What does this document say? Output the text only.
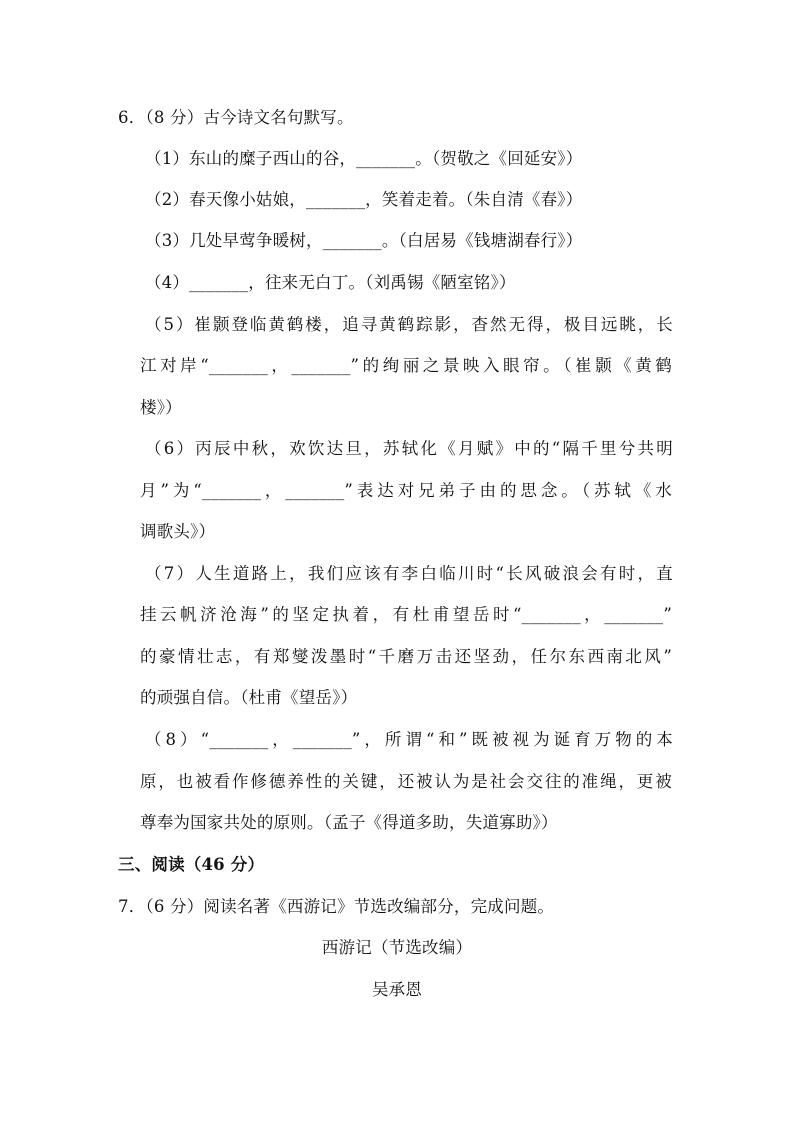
6．（8 分）古今诗文名句默写。
（1）东山的糜子西山的谷，_______。（贺敬之《回延安》）
（2）春天像小姑娘，_______，笑着走着。（朱自清《春》）
（3）几处早莺争暖树，_______。（白居易《钱塘湖春行》）
（4）_______，往来无白丁。（刘禹锡《陋室铭》）
（5）崔颢登临黄鹤楼，追寻黄鹤踪影，杳然无得，极目远眺，长
江对岸“_______，_______”的绚丽之景映入眼帘。（崔颢《黄鹤
楼》）
（6）丙辰中秋，欢饮达旦，苏轼化《月赋》中的“隔千里兮共明
月”为“_______，_______”表达对兄弟子由的思念。（苏轼《水
调歌头》）
（7）人生道路上，我们应该有李白临川时“长风破浪会有时，直
挂云帆济沧海”的坚定执着，有杜甫望岳时“_______，_______”
的豪情壮志，有郑燮泼墨时“千磨万击还坚劲，任尔东西南北风”
的顽强自信。（杜甫《望岳》）
（8）“_______，_______”，所谓“和”既被视为诞育万物的本
原，也被看作修德养性的关键，还被认为是社会交往的准绳，更被
尊奉为国家共处的原则。（孟子《得道多助，失道寡助》）
三、阅读（46 分）
7．（6 分）阅读名著《西游记》节选改编部分，完成问题。
西游记（节选改编）
吴承恩
